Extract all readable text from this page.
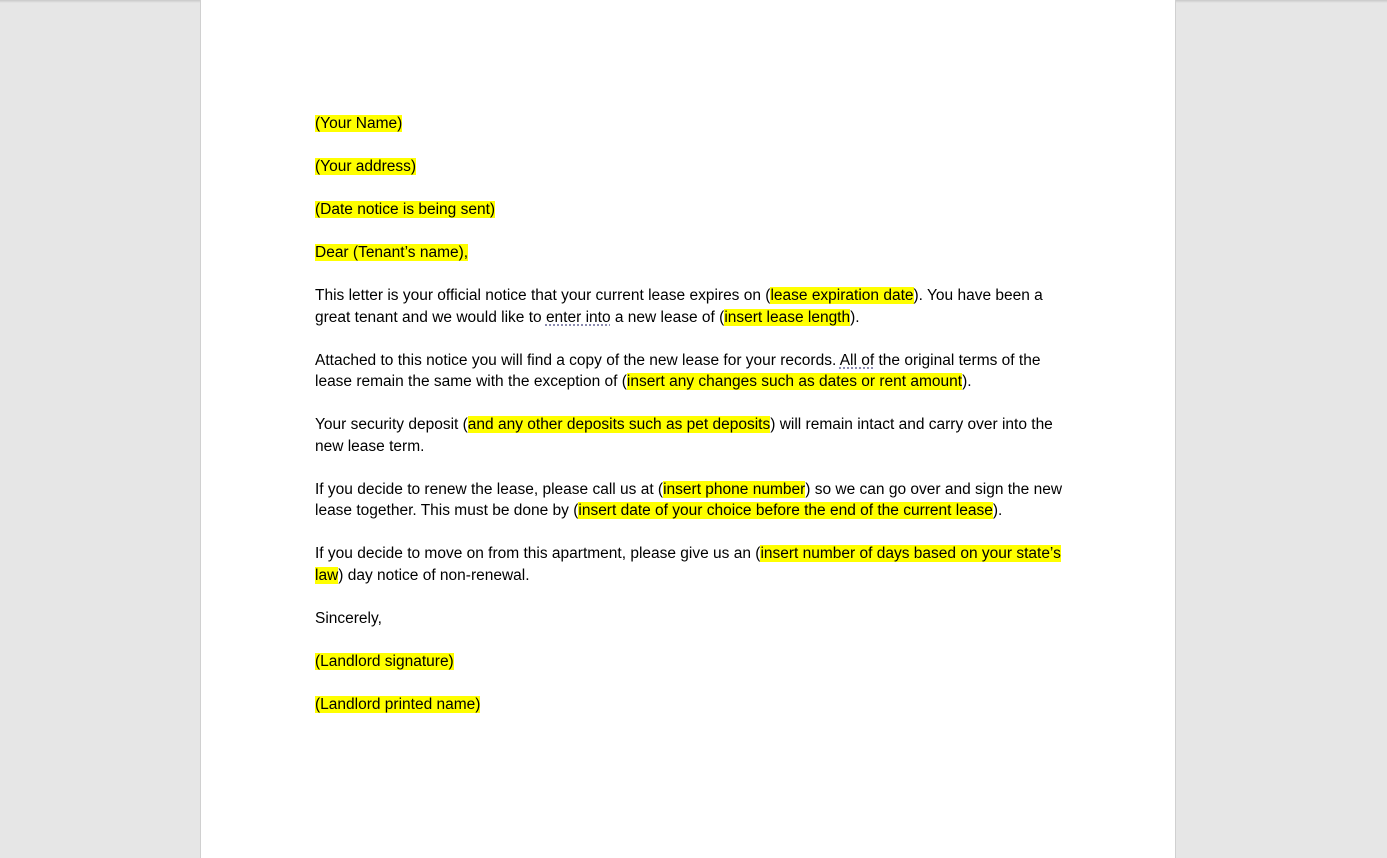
(Your Name)

(Your address)

(Date notice is being sent)

Dear (Tenant’s name),

This letter is your official notice that your current lease expires on (lease expiration date). You have been a great tenant and we would like to enter into a new lease of (insert lease length).

Attached to this notice you will find a copy of the new lease for your records. All of the original terms of the lease remain the same with the exception of (insert any changes such as dates or rent amount).

Your security deposit (and any other deposits such as pet deposits) will remain intact and carry over into the new lease term.

If you decide to renew the lease, please call us at (insert phone number) so we can go over and sign the new lease together. This must be done by (insert date of your choice before the end of the current lease).

If you decide to move on from this apartment, please give us an (insert number of days based on your state’s law) day notice of non-renewal.

Sincerely,

(Landlord signature)

(Landlord printed name)
